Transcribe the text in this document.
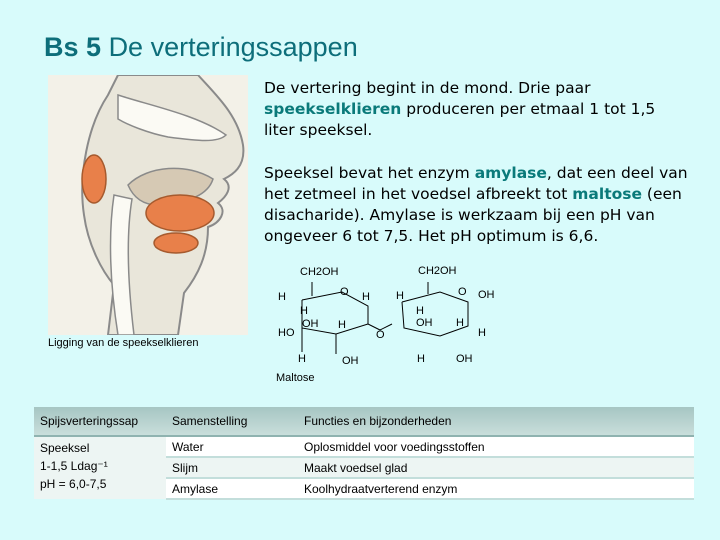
Bs 5 De verteringssappen

De vertering begint in de mond. Drie paar speekselklieren produceren per etmaal 1 tot 1,5 liter speeksel.

Speeksel bevat het enzym amylase, dat een deel van het zetmeel in het voedsel afbreekt tot maltose (een disacharide). Amylase is werkzaam bij een pH van ongeveer 6 tot 7,5. Het pH optimum is 6,6.

Ligging van de speekselklieren
CH2OH	CH2OH
H	O H H	O OH
H
OH H
H
OH H
HO	O	H
H	OH	H	OH
Maltose
Spijsverteringssap	Samenstelling	Functies en bijzonderheden

Speeksel
1-1,5 Ldag⁻¹
pH = 6,0-7,5	Water	Oplosmiddel voor voedingsstoffen
	Slijm	Maakt voedsel glad
	Amylase	Koolhydraatverterend enzym
